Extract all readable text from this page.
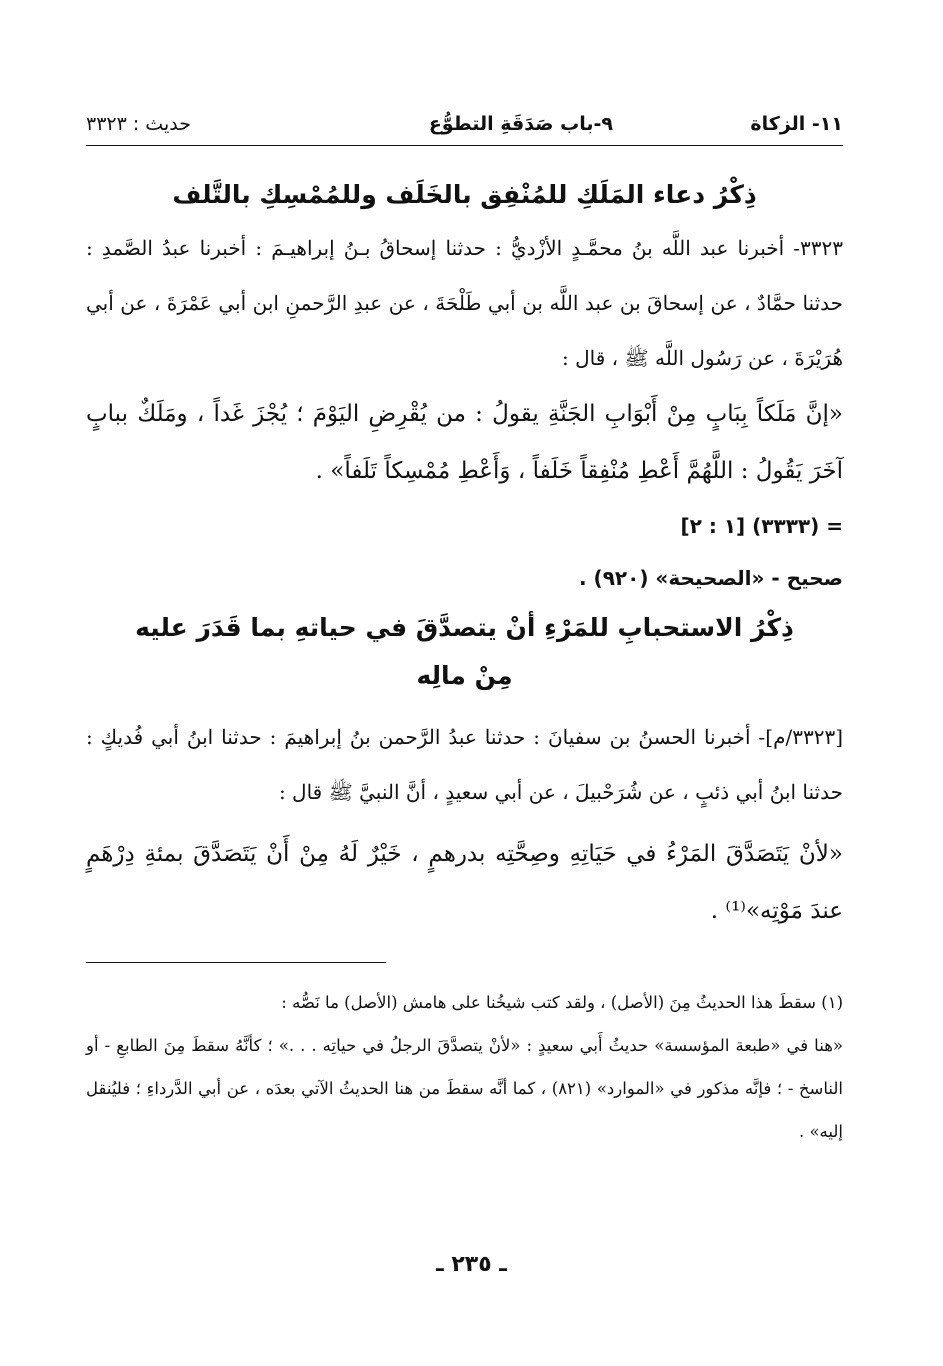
١١- الزكاة
٩-باب صَدَقَةِ التطوُّع
حديث : ٣٣٢٣
ذِكْرُ دعاء المَلَكِ للمُنْفِق بالخَلَف وللمُمْسِكِ بالتَّلف
٣٣٢٣- أخبرنا عبد اللَّه بنُ محمَّـدٍ الأزْديُّ : حدثنا إسحاقُ بـنُ إبراهيـمَ : أخبرنا عبدُ الصَّمدِ : حدثنا حمَّادٌ ، عن إسحاقَ بن عبد اللَّه بن أبي طَلْحَةَ ، عن عبدِ الرَّحمنِ ابن أبي عَمْرَةَ ، عن أبي هُرَيْرَةَ ، عن رَسُول اللَّه ﷺ ، قال :
«إنَّ مَلَكاً بِبَابٍ مِنْ أَبْوَابِ الجَنَّةِ يقولُ : من يُقْرِضِ اليَوْمَ ؛ يُجْزَ غَداً ، ومَلَكٌ ببابٍ آخَرَ يَقُولُ : اللَّهُمَّ أَعْطِ مُنْفِقاً خَلَفاً ، وَأَعْطِ مُمْسِكاً تَلَفاً» .
= (٣٣٣٣) [١ : ٢]
صحيح - «الصحيحة» (٩٢٠) .
ذِكْرُ الاستحبابِ للمَرْءِ أنْ يتصدَّقَ في حياتهِ بما قَدَرَ عليه
مِنْ مالِه
[٣٣٢٣/م]- أخبرنا الحسنُ بن سفيانَ : حدثنا عبدُ الرَّحمن بنُ إبراهيمَ : حدثنا ابنُ أبي فُديكٍ : حدثنا ابنُ أبي ذئبٍ ، عن شُرَحْبيلَ ، عن أبي سعيدٍ ، أنَّ النبيَّ ﷺ قال :
«لأنْ يَتَصَدَّقَ المَرْءُ في حَيَاتِهِ وصِحَّتِه بدرهمٍ ، خَيْرٌ لَهُ مِنْ أَنْ يَتَصَدَّقَ بمئةِ دِرْهَمٍ عندَ مَوْتِه»⁽¹⁾ .
(١) سقطَ هذا الحديثُ مِنَ (الأصل) ، ولقد كتب شيخُنا على هامش (الأصل) ما نَصُّه :
«هنا في «طبعة المؤسسة» حديثُ أَبي سعيدٍ : «لأنْ يتصدَّقَ الرجلُ في حياتِه . . .» ؛ كأنَّهُ سقطَ مِنَ الطابعِ - أو الناسخ - ؛ فإنَّه مذكور في «الموارد» (٨٢١) ، كما أنَّه سقطَ من هنا الحديثُ الآتي بعدَه ، عن أبي الدَّرداءِ ؛ فليُنقل إليه» .
ـ ٢٣٥ ـ
